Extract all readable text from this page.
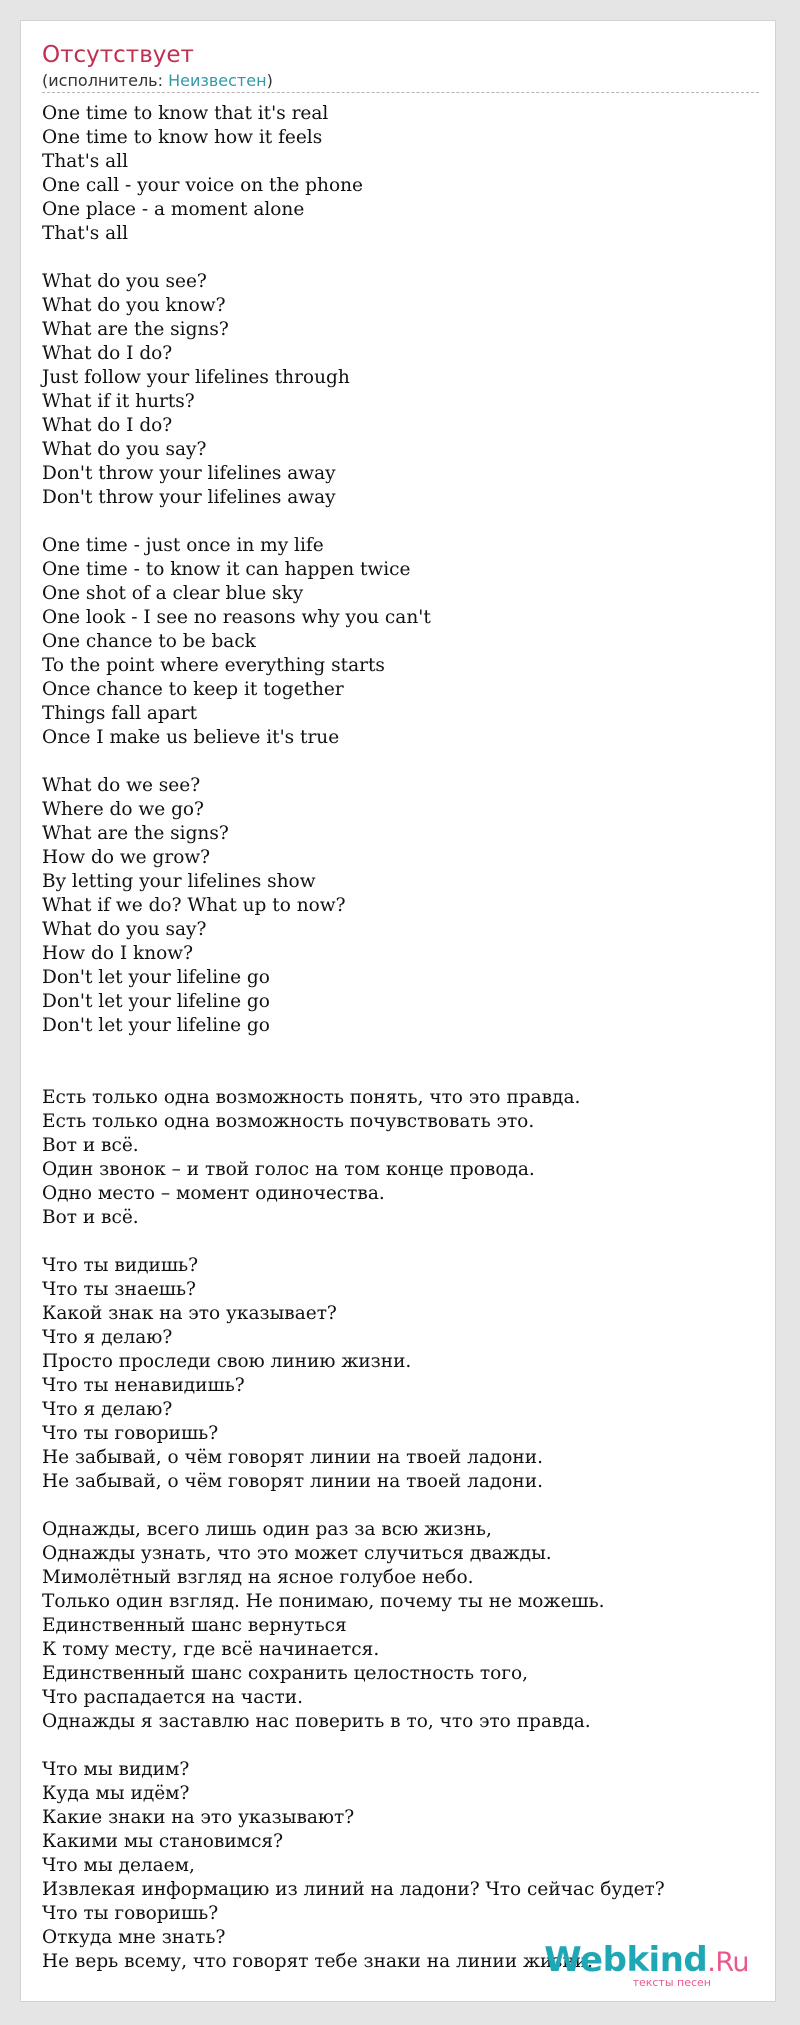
Отсутствует
(исполнитель: Неизвестен)
One time to know that it's real
One time to know how it feels
That's all
One call - your voice on the phone
One place - a moment alone
That's all

What do you see?
What do you know?
What are the signs?
What do I do?
Just follow your lifelines through
What if it hurts?
What do I do?
What do you say?
Don't throw your lifelines away
Don't throw your lifelines away

One time - just once in my life
One time - to know it can happen twice
One shot of a clear blue sky
One look - I see no reasons why you can't
One chance to be back
To the point where everything starts
Once chance to keep it together
Things fall apart
Once I make us believe it's true

What do we see?
Where do we go?
What are the signs?
How do we grow?
By letting your lifelines show
What if we do? What up to now?
What do you say?
How do I know?
Don't let your lifeline go
Don't let your lifeline go
Don't let your lifeline go

Есть только одна возможность понять, что это правда.
Есть только одна возможность почувствовать это.
Вот и всё.
Один звонок – и твой голос на том конце провода.
Одно место – момент одиночества.
Вот и всё.

Что ты видишь?
Что ты знаешь?
Какой знак на это указывает?
Что я делаю?
Просто проследи свою линию жизни.
Что ты ненавидишь?
Что я делаю?
Что ты говоришь?
Не забывай, о чём говорят линии на твоей ладони.
Не забывай, о чём говорят линии на твоей ладони.

Однажды, всего лишь один раз за всю жизнь,
Однажды узнать, что это может случиться дважды.
Мимолётный взгляд на ясное голубое небо.
Только один взгляд. Не понимаю, почему ты не можешь.
Единственный шанс вернуться
К тому месту, где всё начинается.
Единственный шанс сохранить целостность того,
Что распадается на части.
Однажды я заставлю нас поверить в то, что это правда.

Что мы видим?
Куда мы идём?
Какие знаки на это указывают?
Какими мы становимся?
Что мы делаем,
Извлекая информацию из линий на ладони? Что сейчас будет?
Что ты говоришь?
Откуда мне знать?
Не верь всему, что говорят тебе знаки на линии жизни.
Webkind.Ru
тексты песен
